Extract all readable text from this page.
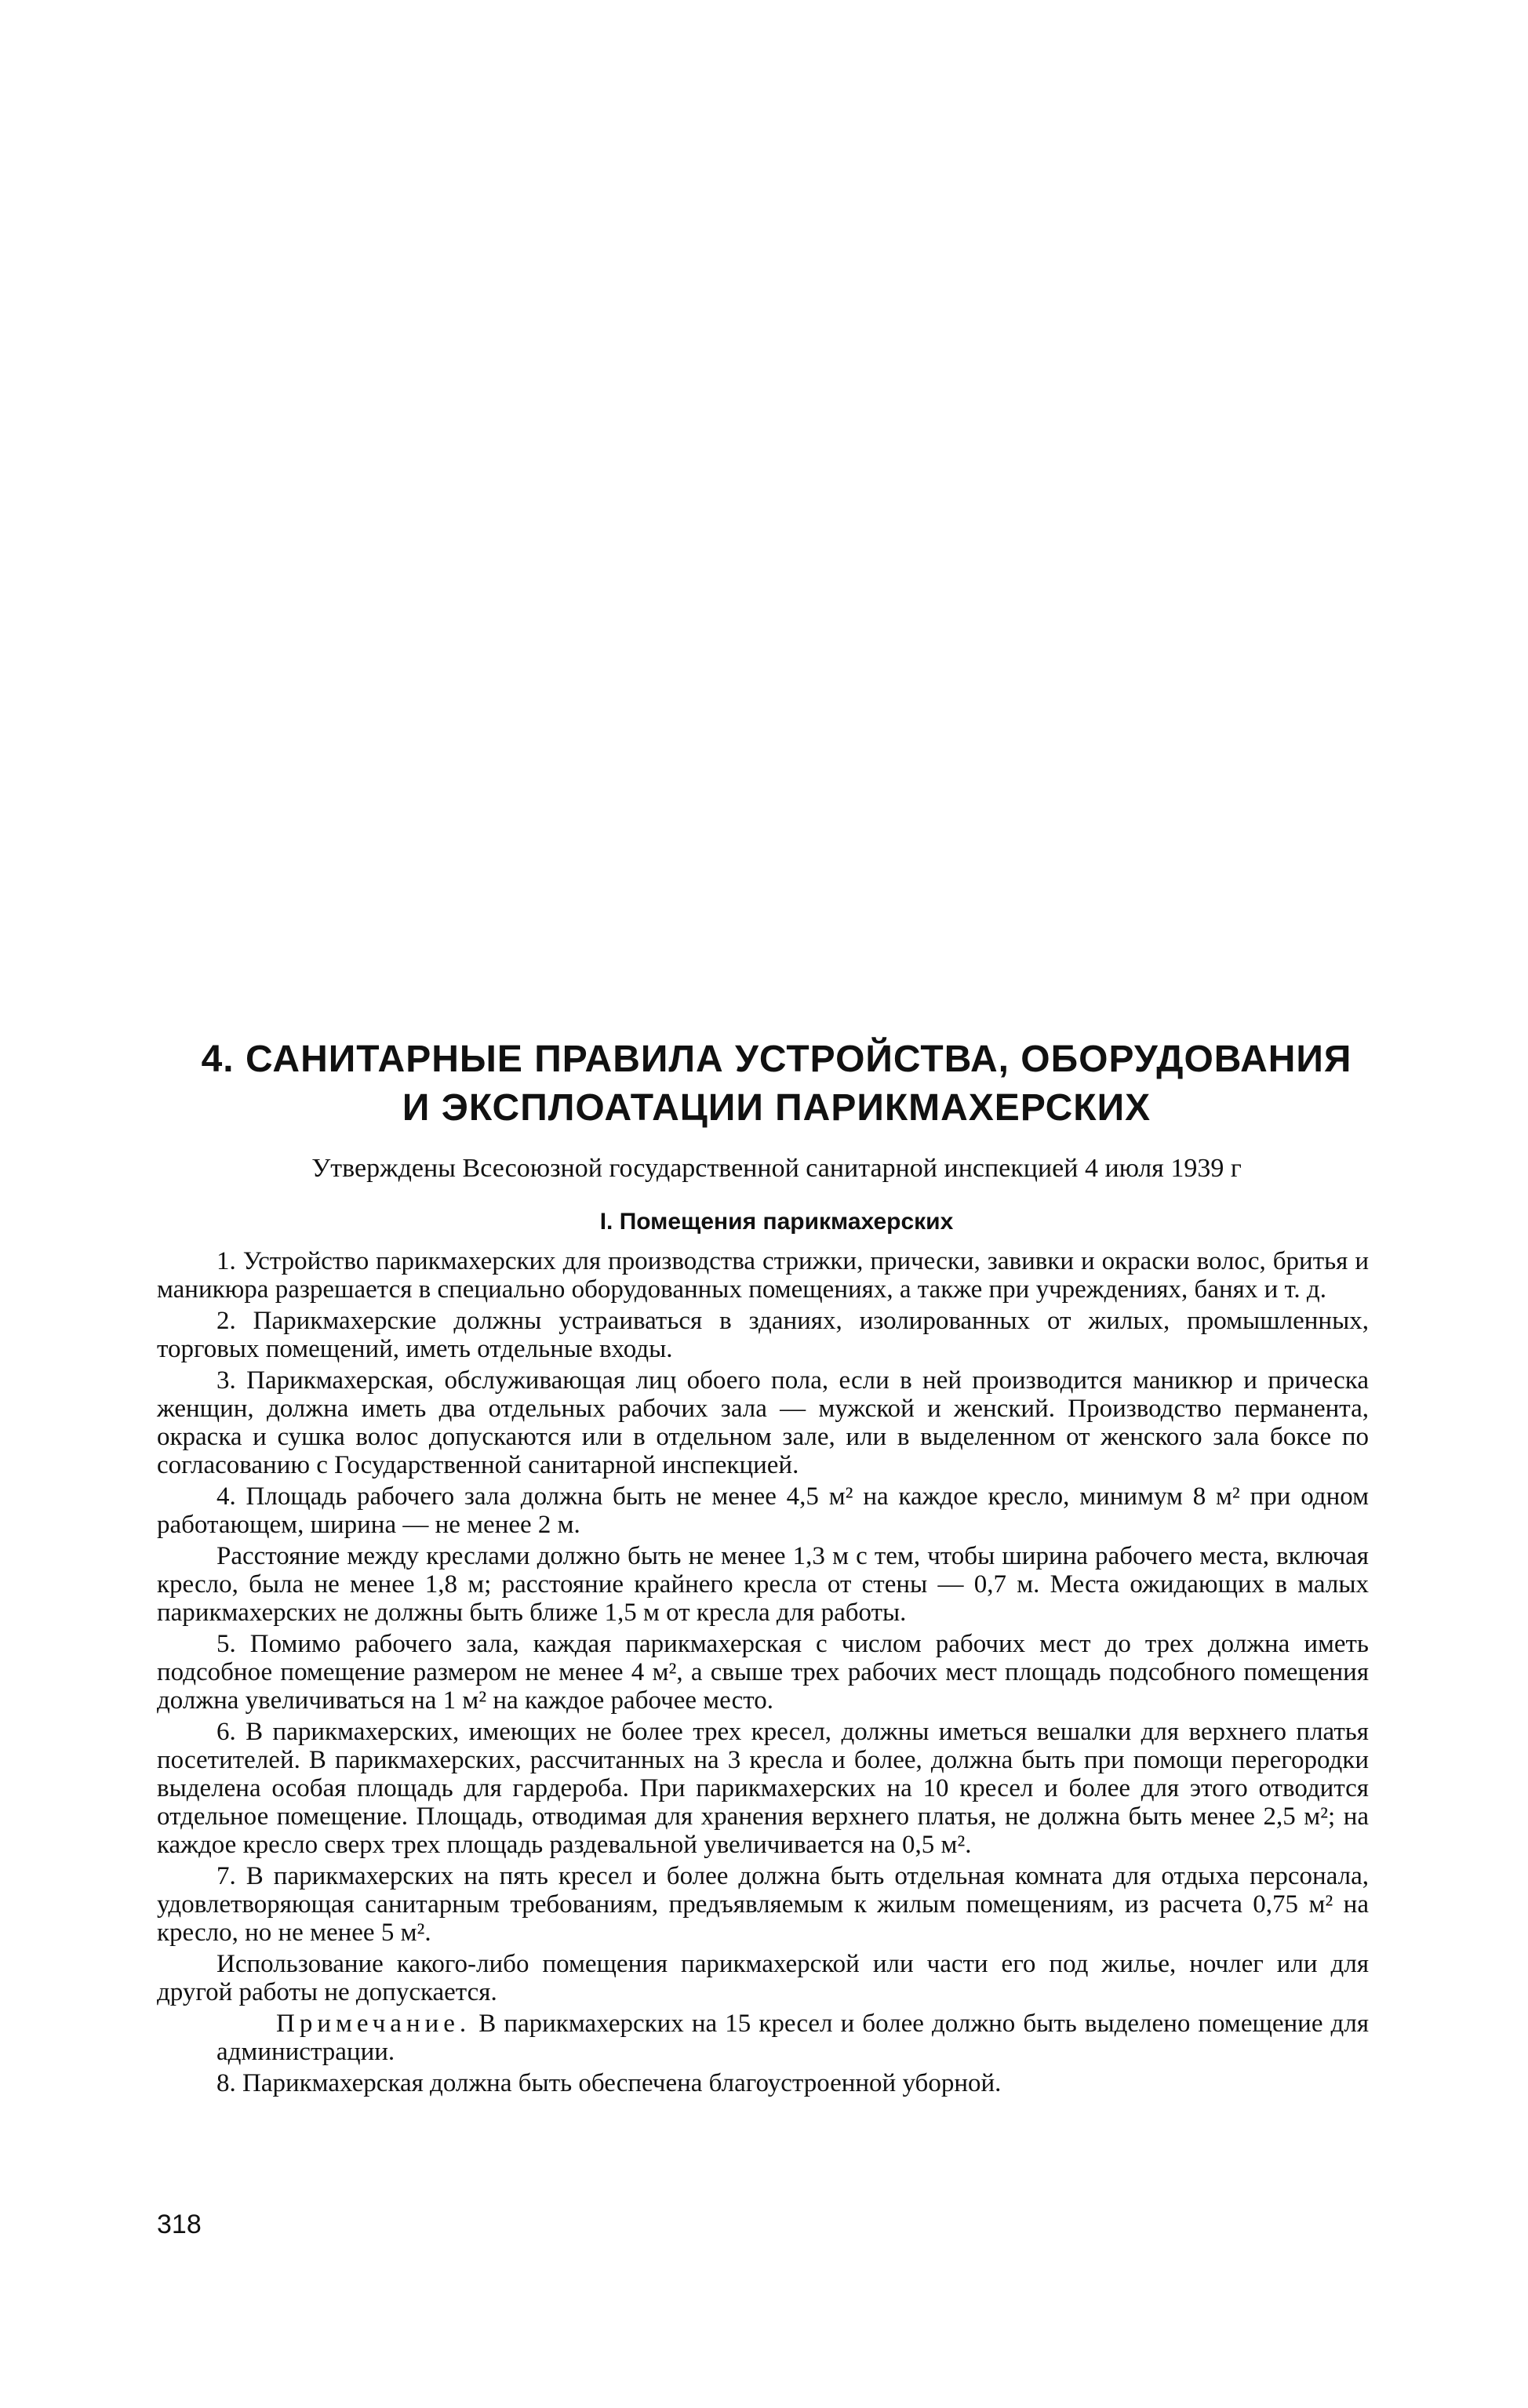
4. САНИТАРНЫЕ ПРАВИЛА УСТРОЙСТВА, ОБОРУДОВАНИЯ
И ЭКСПЛОАТАЦИИ ПАРИКМАХЕРСКИХ
Утверждены Всесоюзной государственной санитарной инспекцией 4 июля 1939 г
I. Помещения парикмахерских

1. Устройство парикмахерских для производства стрижки, прически, завивки и окраски волос, бритья и маникюра разрешается в специально оборудованных помещениях, а также при учреждениях, банях и т. д.

2. Парикмахерские должны устраиваться в зданиях, изолированных от жилых, промышленных, торговых помещений, иметь отдельные входы.

3. Парикмахерская, обслуживающая лиц обоего пола, если в ней производится маникюр и прическа женщин, должна иметь два отдельных рабочих зала — мужской и женский. Производство перманента, окраска и сушка волос допускаются или в отдельном зале, или в выделенном от женского зала боксе по согласованию с Государственной санитарной инспекцией.

4. Площадь рабочего зала должна быть не менее 4,5 м² на каждое кресло, минимум 8 м² при одном работающем, ширина — не менее 2 м.

Расстояние между креслами должно быть не менее 1,3 м с тем, чтобы ширина рабочего места, включая кресло, была не менее 1,8 м; расстояние крайнего кресла от стены — 0,7 м. Места ожидающих в малых парикмахерских не должны быть ближе 1,5 м от кресла для работы.

5. Помимо рабочего зала, каждая парикмахерская с числом рабочих мест до трех должна иметь подсобное помещение размером не менее 4 м², а свыше трех рабочих мест площадь подсобного помещения должна увеличиваться на 1 м² на каждое рабочее место.

6. В парикмахерских, имеющих не более трех кресел, должны иметься вешалки для верхнего платья посетителей. В парикмахерских, рассчитанных на 3 кресла и более, должна быть при помощи перегородки выделена особая площадь для гардероба. При парикмахерских на 10 кресел и более для этого отводится отдельное помещение. Площадь, отводимая для хранения верхнего платья, не должна быть менее 2,5 м²; на каждое кресло сверх трех площадь раздевальной увеличивается на 0,5 м².

7. В парикмахерских на пять кресел и более должна быть отдельная комната для отдыха персонала, удовлетворяющая санитарным требованиям, предъявляемым к жилым помещениям, из расчета 0,75 м² на кресло, но не менее 5 м².

Использование какого-либо помещения парикмахерской или части его под жилье, ночлег или для другой работы не допускается.

Примечание. В парикмахерских на 15 кресел и более должно быть выделено помещение для администрации.

8. Парикмахерская должна быть обеспечена благоустроенной уборной.

318
